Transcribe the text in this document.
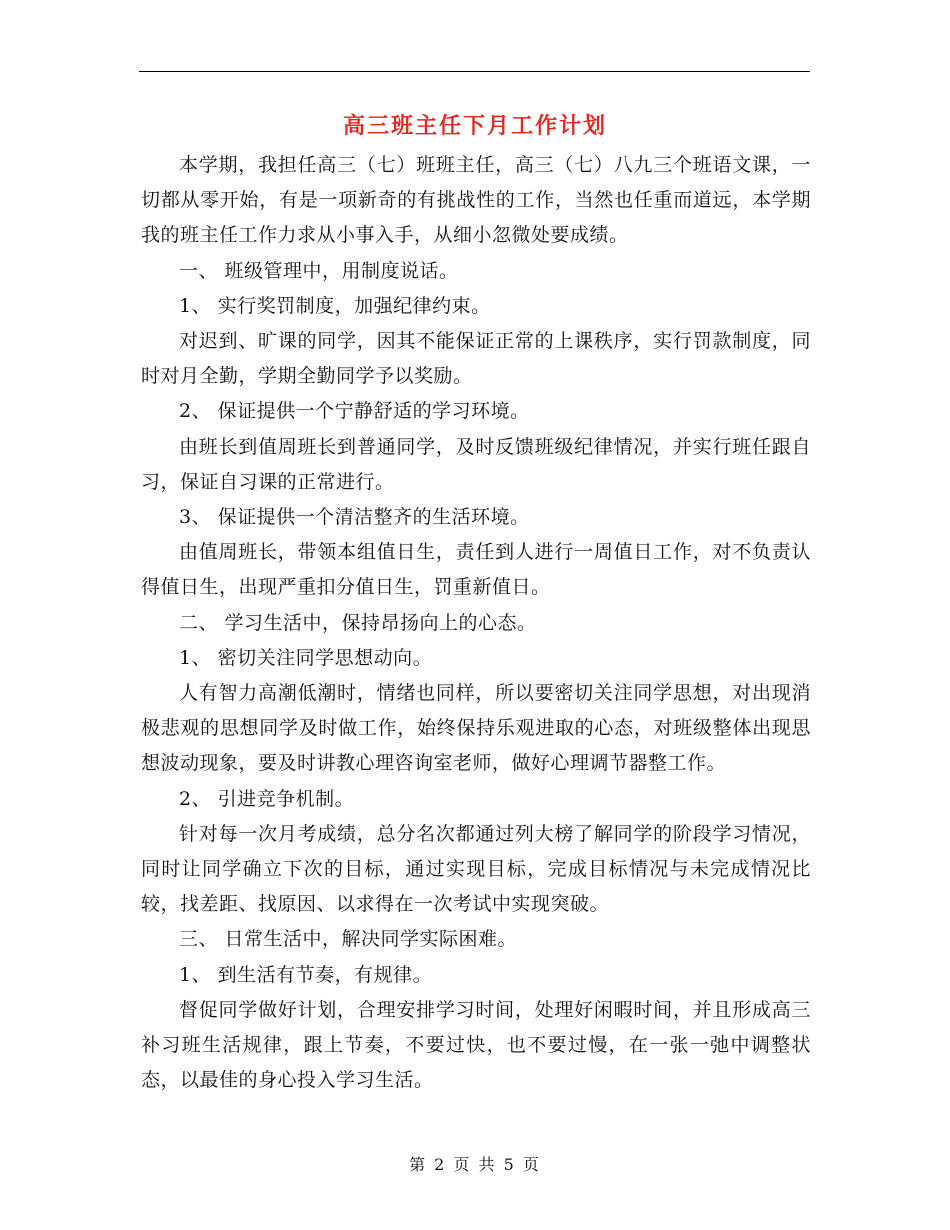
高三班主任下月工作计划

本学期，我担任高三（七）班班主任，高三（七）八九三个班语文课，一切都从零开始，有是一项新奇的有挑战性的工作，当然也任重而道远，本学期我的班主任工作力求从小事入手，从细小忽微处要成绩。

一、 班级管理中，用制度说话。

1、 实行奖罚制度，加强纪律约束。

对迟到、旷课的同学，因其不能保证正常的上课秩序，实行罚款制度，同时对月全勤，学期全勤同学予以奖励。

2、 保证提供一个宁静舒适的学习环境。

由班长到值周班长到普通同学，及时反馈班级纪律情况，并实行班任跟自习，保证自习课的正常进行。

3、 保证提供一个清洁整齐的生活环境。

由值周班长，带领本组值日生，责任到人进行一周值日工作，对不负责认得值日生，出现严重扣分值日生，罚重新值日。

二、 学习生活中，保持昂扬向上的心态。

1、 密切关注同学思想动向。

人有智力高潮低潮时，情绪也同样，所以要密切关注同学思想，对出现消极悲观的思想同学及时做工作，始终保持乐观进取的心态，对班级整体出现思想波动现象，要及时讲教心理咨询室老师，做好心理调节器整工作。

2、 引进竞争机制。

针对每一次月考成绩，总分名次都通过列大榜了解同学的阶段学习情况，同时让同学确立下次的目标，通过实现目标，完成目标情况与未完成情况比较，找差距、找原因、以求得在一次考试中实现突破。

三、 日常生活中，解决同学实际困难。

1、 到生活有节奏，有规律。

督促同学做好计划，合理安排学习时间，处理好闲暇时间，并且形成高三补习班生活规律，跟上节奏，不要过快，也不要过慢，在一张一弛中调整状态，以最佳的身心投入学习生活。

第 2 页 共 5 页
